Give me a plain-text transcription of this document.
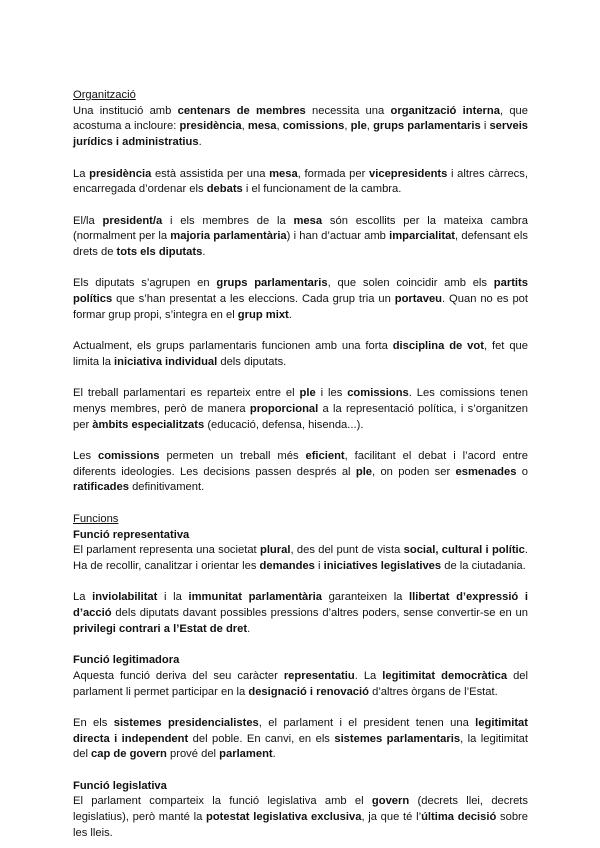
Organització

Una institució amb centenars de membres necessita una organització interna, que acostuma a incloure: presidència, mesa, comissions, ple, grups parlamentaris i serveis jurídics i administratius.

La presidència està assistida per una mesa, formada per vicepresidents i altres càrrecs, encarregada d’ordenar els debats i el funcionament de la cambra.

El/la president/a i els membres de la mesa són escollits per la mateixa cambra (normalment per la majoria parlamentària) i han d’actuar amb imparcialitat, defensant els drets de tots els diputats.

Els diputats s’agrupen en grups parlamentaris, que solen coincidir amb els partits polítics que s’han presentat a les eleccions. Cada grup tria un portaveu. Quan no es pot formar grup propi, s’integra en el grup mixt.

Actualment, els grups parlamentaris funcionen amb una forta disciplina de vot, fet que limita la iniciativa individual dels diputats.

El treball parlamentari es reparteix entre el ple i les comissions. Les comissions tenen menys membres, però de manera proporcional a la representació política, i s’organitzen per àmbits especialitzats (educació, defensa, hisenda...).

Les comissions permeten un treball més eficient, facilitant el debat i l’acord entre diferents ideologies. Les decisions passen després al ple, on poden ser esmenades o ratificades definitivament.

Funcions
Funció representativa

El parlament representa una societat plural, des del punt de vista social, cultural i polític. Ha de recollir, canalitzar i orientar les demandes i iniciatives legislatives de la ciutadania.

La inviolabilitat i la immunitat parlamentària garanteixen la llibertat d’expressió i d’acció dels diputats davant possibles pressions d’altres poders, sense convertir-se en un privilegi contrari a l’Estat de dret.

Funció legitimadora

Aquesta funció deriva del seu caràcter representatiu. La legitimitat democràtica del parlament li permet participar en la designació i renovació d’altres òrgans de l’Estat.

En els sistemes presidencialistes, el parlament i el president tenen una legitimitat directa i independent del poble. En canvi, en els sistemes parlamentaris, la legitimitat del cap de govern prové del parlament.

Funció legislativa

El parlament comparteix la funció legislativa amb el govern (decrets llei, decrets legislatius), però manté la potestat legislativa exclusiva, ja que té l’última decisió sobre les lleis.
